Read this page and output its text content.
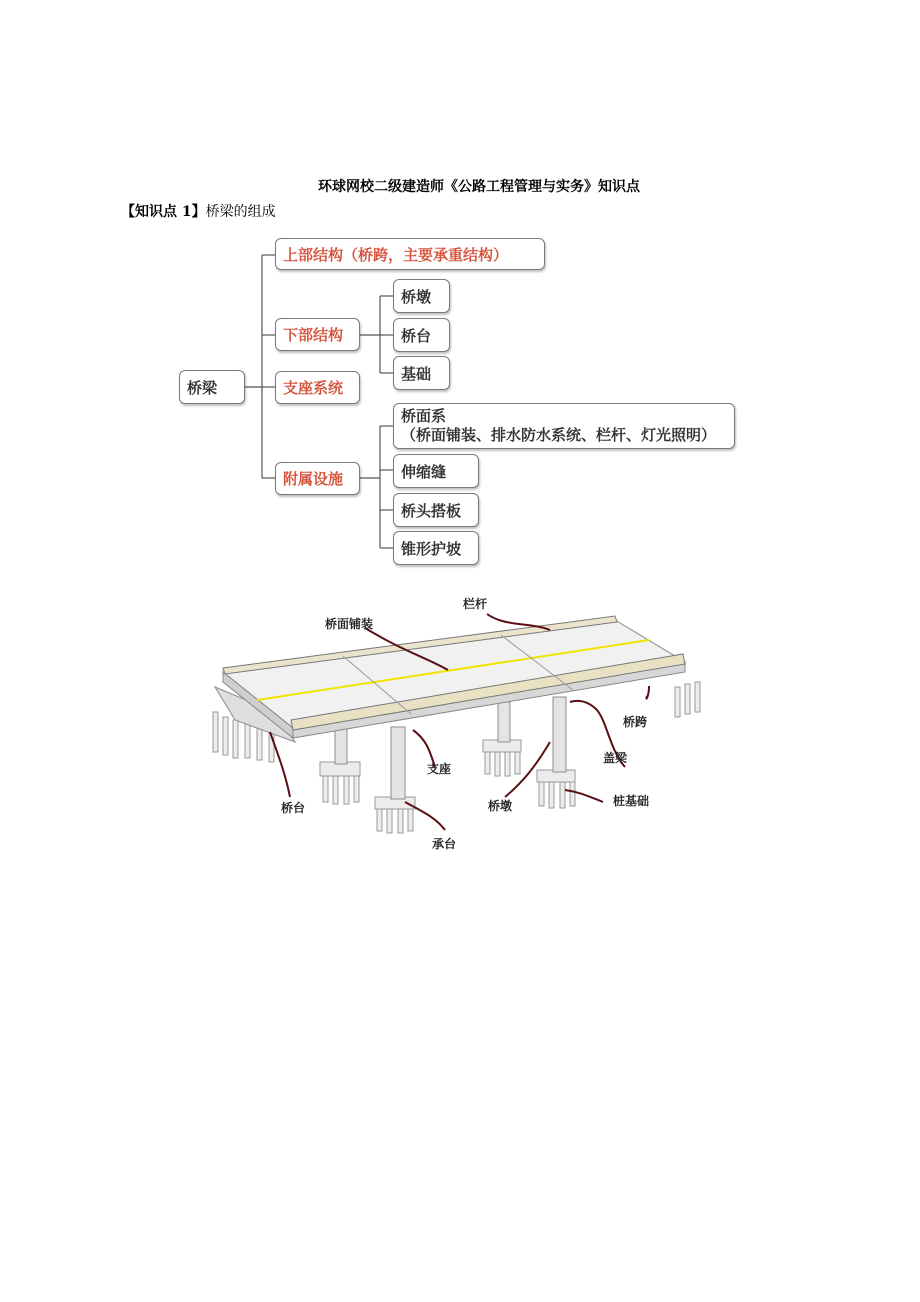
环球网校二级建造师《公路工程管理与实务》知识点
【知识点 1】桥梁的组成
桥梁
上部结构（桥跨，主要承重结构）
下部结构
支座系统
附属设施
桥墩
桥台
基础
桥面系
（桥面铺装、排水防水系统、栏杆、灯光照明）
伸缩缝
桥头搭板
锥形护坡
栏杆
桥面铺装
桥跨
盖梁
支座
桥台	桥墩	桩基础
承台
